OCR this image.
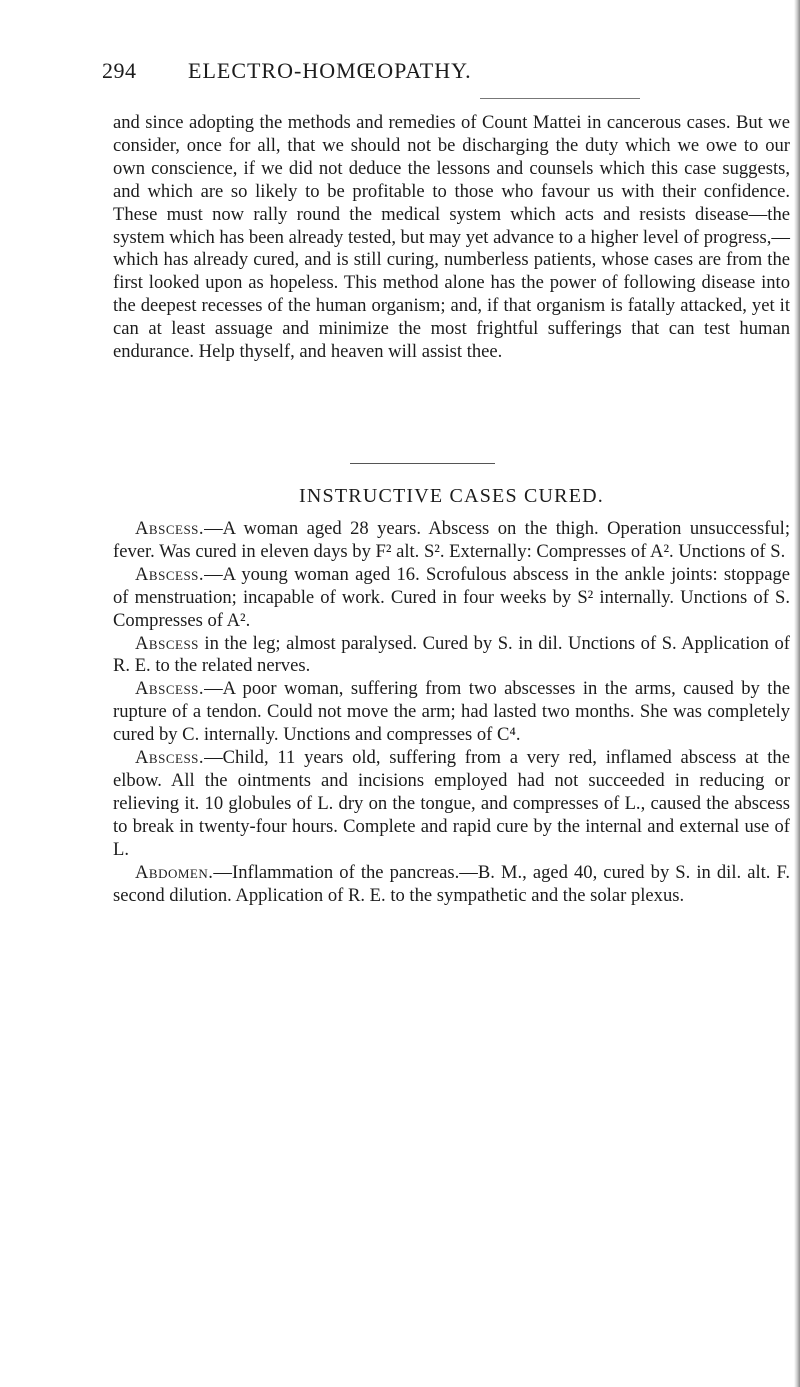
294 ELECTRO-HOMŒOPATHY.

and since adopting the methods and remedies of Count Mattei in cancerous cases. But we consider, once for all, that we should not be discharging the duty which we owe to our own conscience, if we did not deduce the lessons and counsels which this case suggests, and which are so likely to be profitable to those who favour us with their confidence. These must now rally round the medical system which acts and resists disease—the system which has been already tested, but may yet advance to a higher level of progress,—which has already cured, and is still curing, numberless patients, whose cases are from the first looked upon as hopeless. This method alone has the power of following disease into the deepest recesses of the human organism; and, if that organism is fatally attacked, yet it can at least assuage and minimize the most frightful sufferings that can test human endurance. Help thyself, and heaven will assist thee.

INSTRUCTIVE CASES CURED.

Abscess.—A woman aged 28 years. Abscess on the thigh. Operation unsuccessful; fever. Was cured in eleven days by F² alt. S². Externally: Compresses of A². Unctions of S.

Abscess.—A young woman aged 16. Scrofulous abscess in the ankle joints: stoppage of menstruation; incapable of work. Cured in four weeks by S² internally. Unctions of S. Compresses of A².

Abscess in the leg; almost paralysed. Cured by S. in dil. Unctions of S. Application of R. E. to the related nerves.

Abscess.—A poor woman, suffering from two abscesses in the arms, caused by the rupture of a tendon. Could not move the arm; had lasted two months. She was completely cured by C. internally. Unctions and compresses of C⁴.

Abscess.—Child, 11 years old, suffering from a very red, inflamed abscess at the elbow. All the ointments and incisions employed had not succeeded in reducing or relieving it. 10 globules of L. dry on the tongue, and compresses of L., caused the abscess to break in twenty-four hours. Complete and rapid cure by the internal and external use of L.

Abdomen.—Inflammation of the pancreas.—B. M., aged 40, cured by S. in dil. alt. F. second dilution. Application of R. E. to the sympathetic and the solar plexus.
